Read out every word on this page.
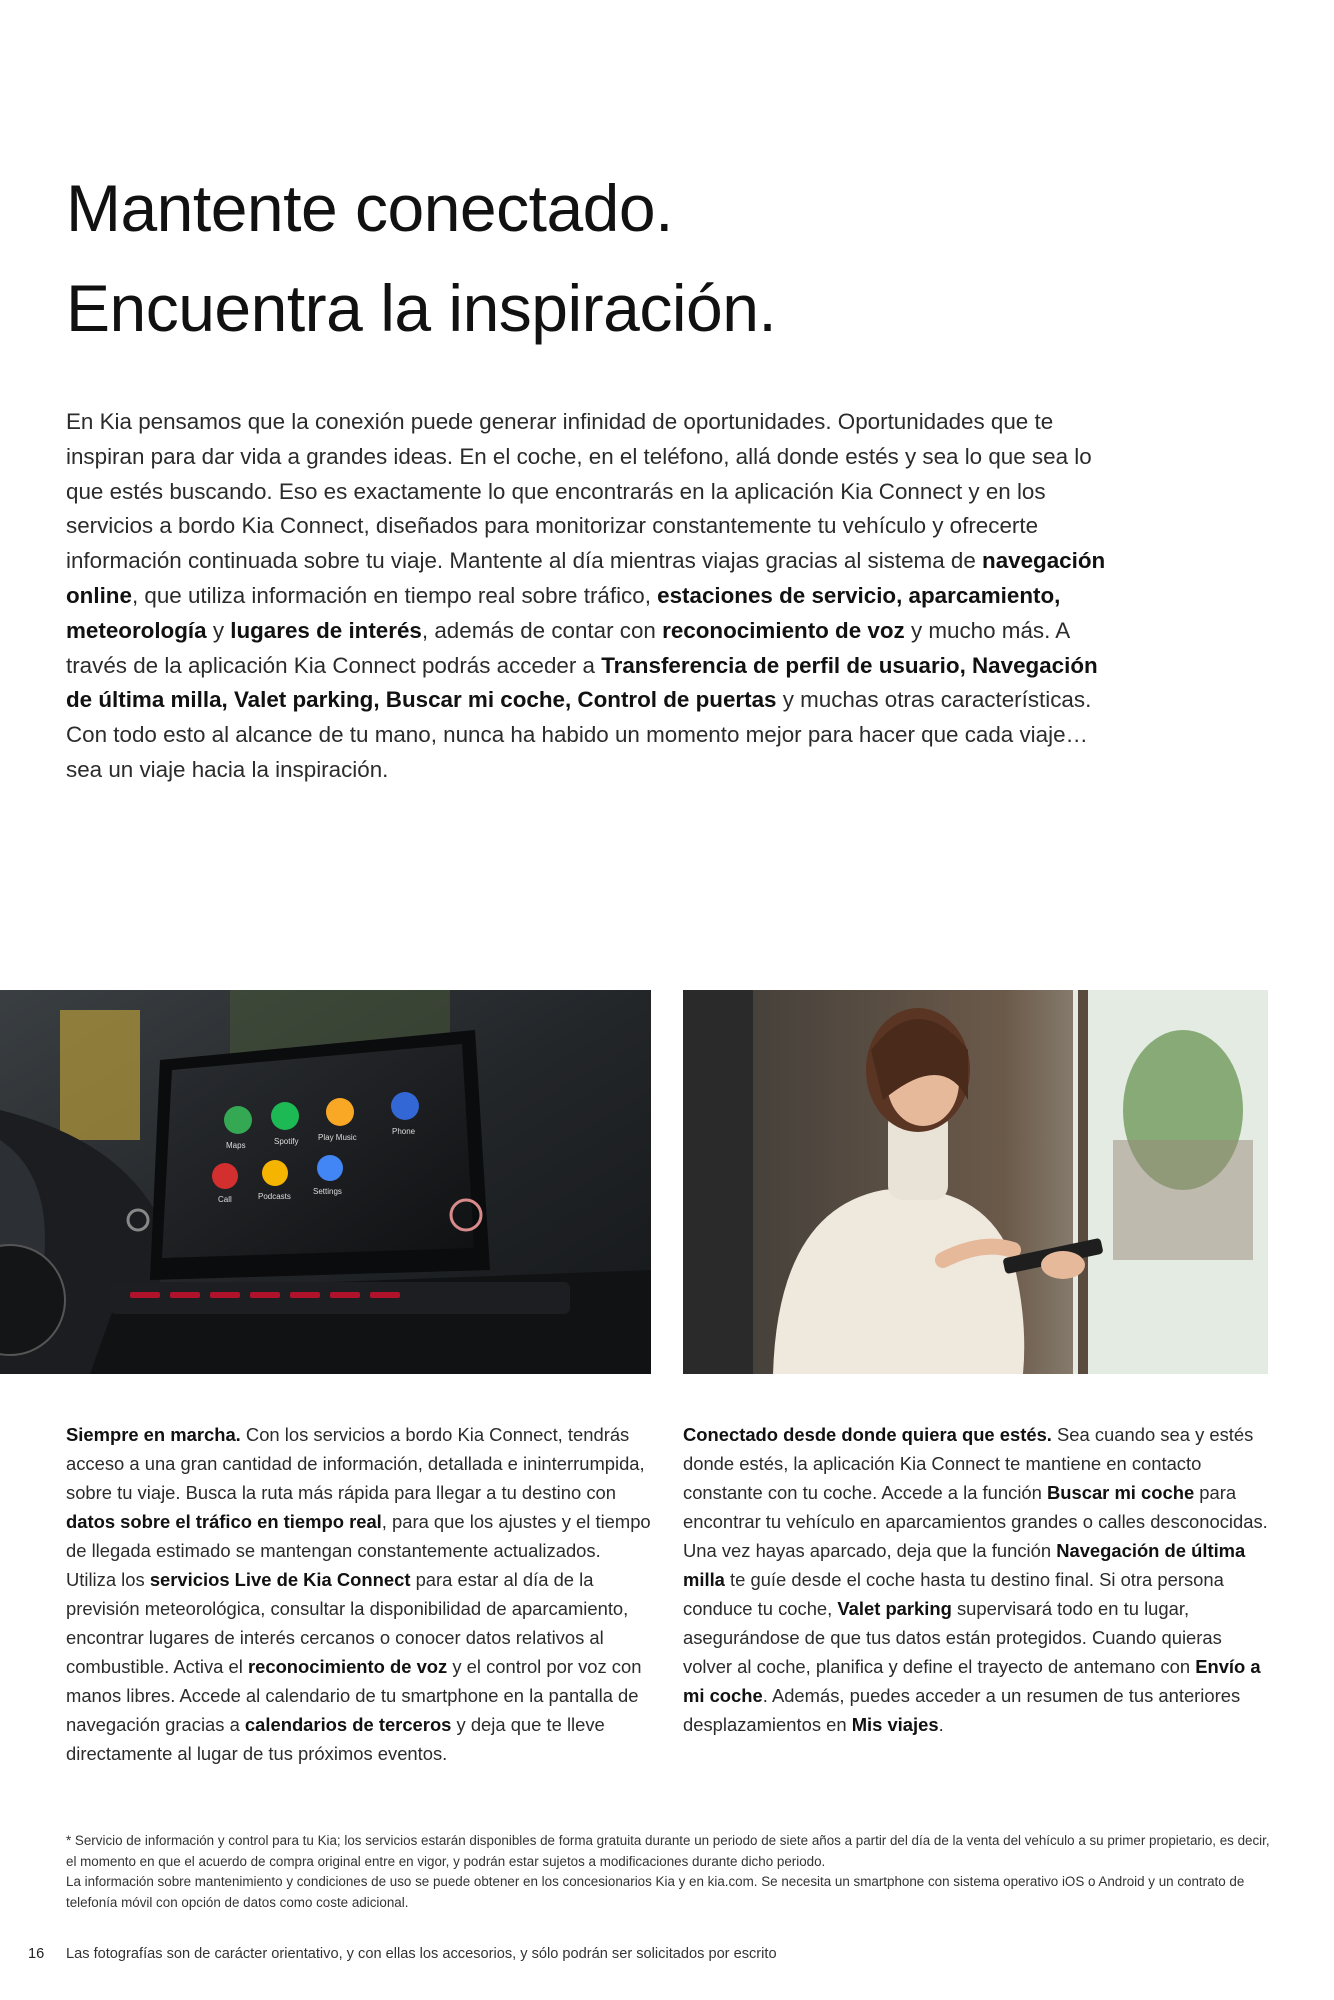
Mantente conectado.
Encuentra la inspiración.

En Kia pensamos que la conexión puede generar infinidad de oportunidades. Oportunidades que te inspiran para dar vida a grandes ideas. En el coche, en el teléfono, allá donde estés y sea lo que sea lo que estés buscando. Eso es exactamente lo que encontrarás en la aplicación Kia Connect y en los servicios a bordo Kia Connect, diseñados para monitorizar constantemente tu vehículo y ofrecerte información continuada sobre tu viaje. Mantente al día mientras viajas gracias al sistema de navegación online, que utiliza información en tiempo real sobre tráfico, estaciones de servicio, aparcamiento, meteorología y lugares de interés, además de contar con reconocimiento de voz y mucho más. A través de la aplicación Kia Connect podrás acceder a Transferencia de perfil de usuario, Navegación de última milla, Valet parking, Buscar mi coche, Control de puertas y muchas otras características. Con todo esto al alcance de tu mano, nunca ha habido un momento mejor para hacer que cada viaje… sea un viaje hacia la inspiración.

Maps	Spotify Play Music
Phone
Call	Podcasts
Settings

Siempre en marcha. Con los servicios a bordo Kia Connect, tendrás acceso a una gran cantidad de información, detallada e ininterrumpida, sobre tu viaje. Busca la ruta más rápida para llegar a tu destino con datos sobre el tráfico en tiempo real, para que los ajustes y el tiempo de llegada estimado se mantengan constantemente actualizados. Utiliza los servicios Live de Kia Connect para estar al día de la previsión meteorológica, consultar la disponibilidad de aparcamiento, encontrar lugares de interés cercanos o conocer datos relativos al combustible. Activa el reconocimiento de voz y el control por voz con manos libres. Accede al calendario de tu smartphone en la pantalla de navegación gracias a calendarios de terceros y deja que te lleve directamente al lugar de tus próximos eventos.

Conectado desde donde quiera que estés. Sea cuando sea y estés donde estés, la aplicación Kia Connect te mantiene en contacto constante con tu coche. Accede a la función Buscar mi coche para encontrar tu vehículo en aparcamientos grandes o calles desconocidas. Una vez hayas aparcado, deja que la función Navegación de última milla te guíe desde el coche hasta tu destino final. Si otra persona conduce tu coche, Valet parking supervisará todo en tu lugar, asegurándose de que tus datos están protegidos. Cuando quieras volver al coche, planifica y define el trayecto de antemano con Envío a mi coche. Además, puedes acceder a un resumen de tus anteriores desplazamientos en Mis viajes.

* Servicio de información y control para tu Kia; los servicios estarán disponibles de forma gratuita durante un periodo de siete años a partir del día de la venta del vehículo a su primer propietario, es decir, el momento en que el acuerdo de compra original entre en vigor, y podrán estar sujetos a modificaciones durante dicho periodo.

La información sobre mantenimiento y condiciones de uso se puede obtener en los concesionarios Kia y en kia.com. Se necesita un smartphone con sistema operativo iOS o Android y un contrato de telefonía móvil con opción de datos como coste adicional.

16 Las fotografías son de carácter orientativo, y con ellas los accesorios, y sólo podrán ser solicitados por escrito
